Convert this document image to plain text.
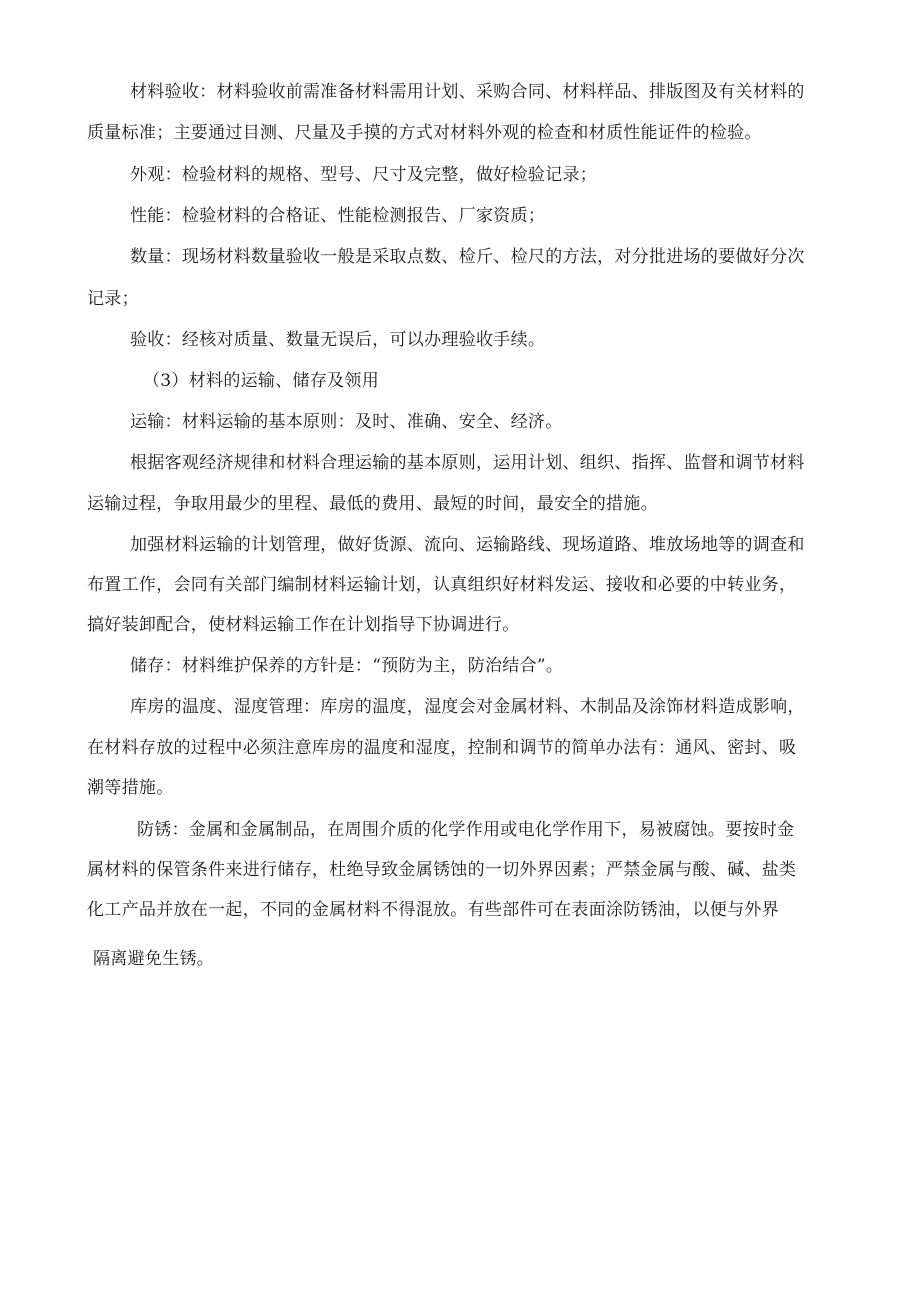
材料验收：材料验收前需准备材料需用计划、采购合同、材料样品、排版图及有关材料的
质量标准；主要通过目测、尺量及手摸的方式对材料外观的检查和材质性能证件的检验。
外观：检验材料的规格、型号、尺寸及完整，做好检验记录；
性能：检验材料的合格证、性能检测报告、厂家资质；
数量：现场材料数量验收一般是采取点数、检斤、检尺的方法，对分批进场的要做好分次
记录；
验收：经核对质量、数量无误后，可以办理验收手续。
（3）材料的运输、储存及领用
运输：材料运输的基本原则：及时、准确、安全、经济。
根据客观经济规律和材料合理运输的基本原则，运用计划、组织、指挥、监督和调节材料
运输过程，争取用最少的里程、最低的费用、最短的时间，最安全的措施。
加强材料运输的计划管理，做好货源、流向、运输路线、现场道路、堆放场地等的调查和
布置工作，会同有关部门编制材料运输计划，认真组织好材料发运、接收和必要的中转业务，
搞好装卸配合，使材料运输工作在计划指导下协调进行。
储存：材料维护保养的方针是：“预防为主，防治结合”。
库房的温度、湿度管理：库房的温度，湿度会对金属材料、木制品及涂饰材料造成影响，
在材料存放的过程中必须注意库房的温度和湿度，控制和调节的简单办法有：通风、密封、吸
潮等措施。
防锈：金属和金属制品，在周围介质的化学作用或电化学作用下，易被腐蚀。要按时金
属材料的保管条件来进行储存，杜绝导致金属锈蚀的一切外界因素；严禁金属与酸、碱、盐类
化工产品并放在一起，不同的金属材料不得混放。有些部件可在表面涂防锈油，以便与外界
隔离避免生锈。
